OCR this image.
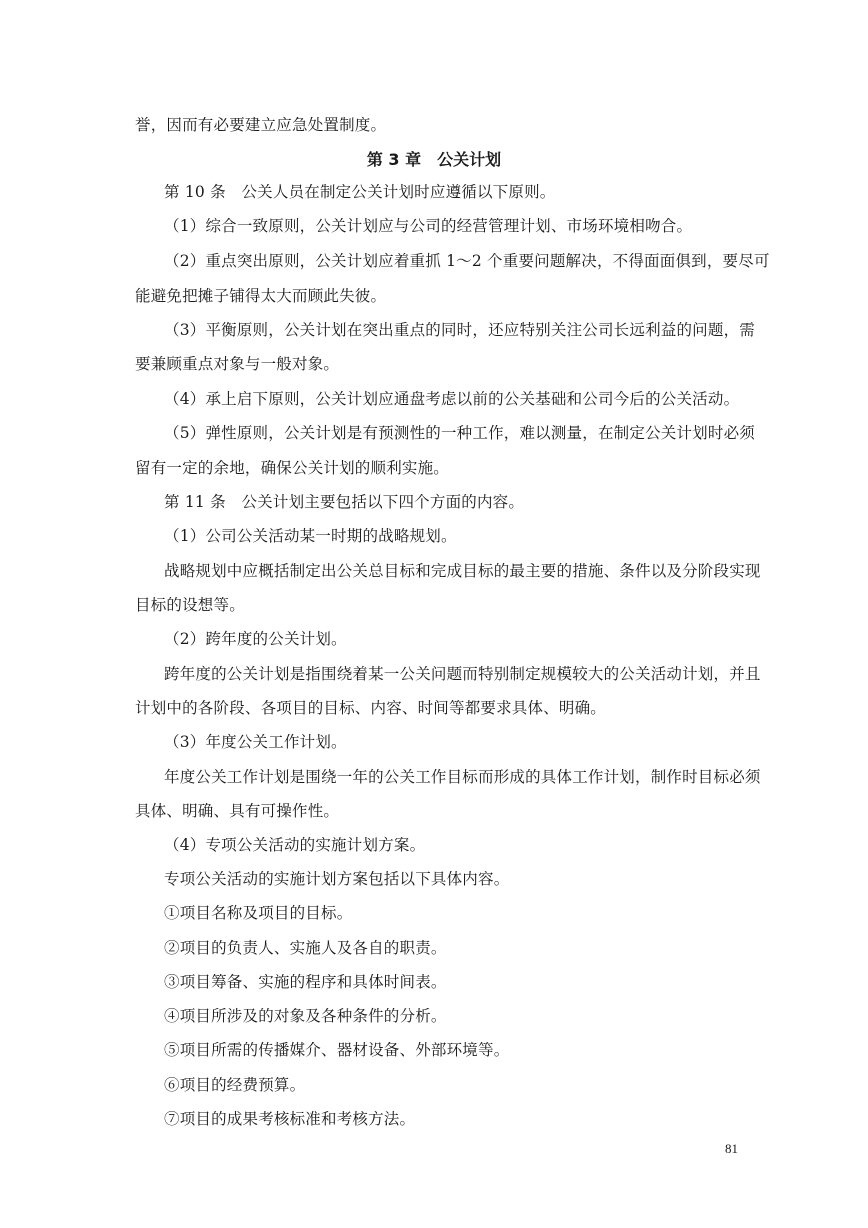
誉，因而有必要建立应急处置制度。
第 3 章　公关计划
第 10 条　公关人员在制定公关计划时应遵循以下原则。
（1）综合一致原则，公关计划应与公司的经营管理计划、市场环境相吻合。
（2）重点突出原则，公关计划应着重抓 1～2 个重要问题解决，不得面面俱到，要尽可
能避免把摊子铺得太大而顾此失彼。
（3）平衡原则，公关计划在突出重点的同时，还应特别关注公司长远利益的问题，需
要兼顾重点对象与一般对象。
（4）承上启下原则，公关计划应通盘考虑以前的公关基础和公司今后的公关活动。
（5）弹性原则，公关计划是有预测性的一种工作，难以测量，在制定公关计划时必须
留有一定的余地，确保公关计划的顺利实施。
第 11 条　公关计划主要包括以下四个方面的内容。
（1）公司公关活动某一时期的战略规划。
战略规划中应概括制定出公关总目标和完成目标的最主要的措施、条件以及分阶段实现
目标的设想等。
（2）跨年度的公关计划。
跨年度的公关计划是指围绕着某一公关问题而特别制定规模较大的公关活动计划，并且
计划中的各阶段、各项目的目标、内容、时间等都要求具体、明确。
（3）年度公关工作计划。
年度公关工作计划是围绕一年的公关工作目标而形成的具体工作计划，制作时目标必须
具体、明确、具有可操作性。
（4）专项公关活动的实施计划方案。
专项公关活动的实施计划方案包括以下具体内容。
①项目名称及项目的目标。
②项目的负责人、实施人及各自的职责。
③项目筹备、实施的程序和具体时间表。
④项目所涉及的对象及各种条件的分析。
⑤项目所需的传播媒介、器材设备、外部环境等。
⑥项目的经费预算。
⑦项目的成果考核标准和考核方法。
81
